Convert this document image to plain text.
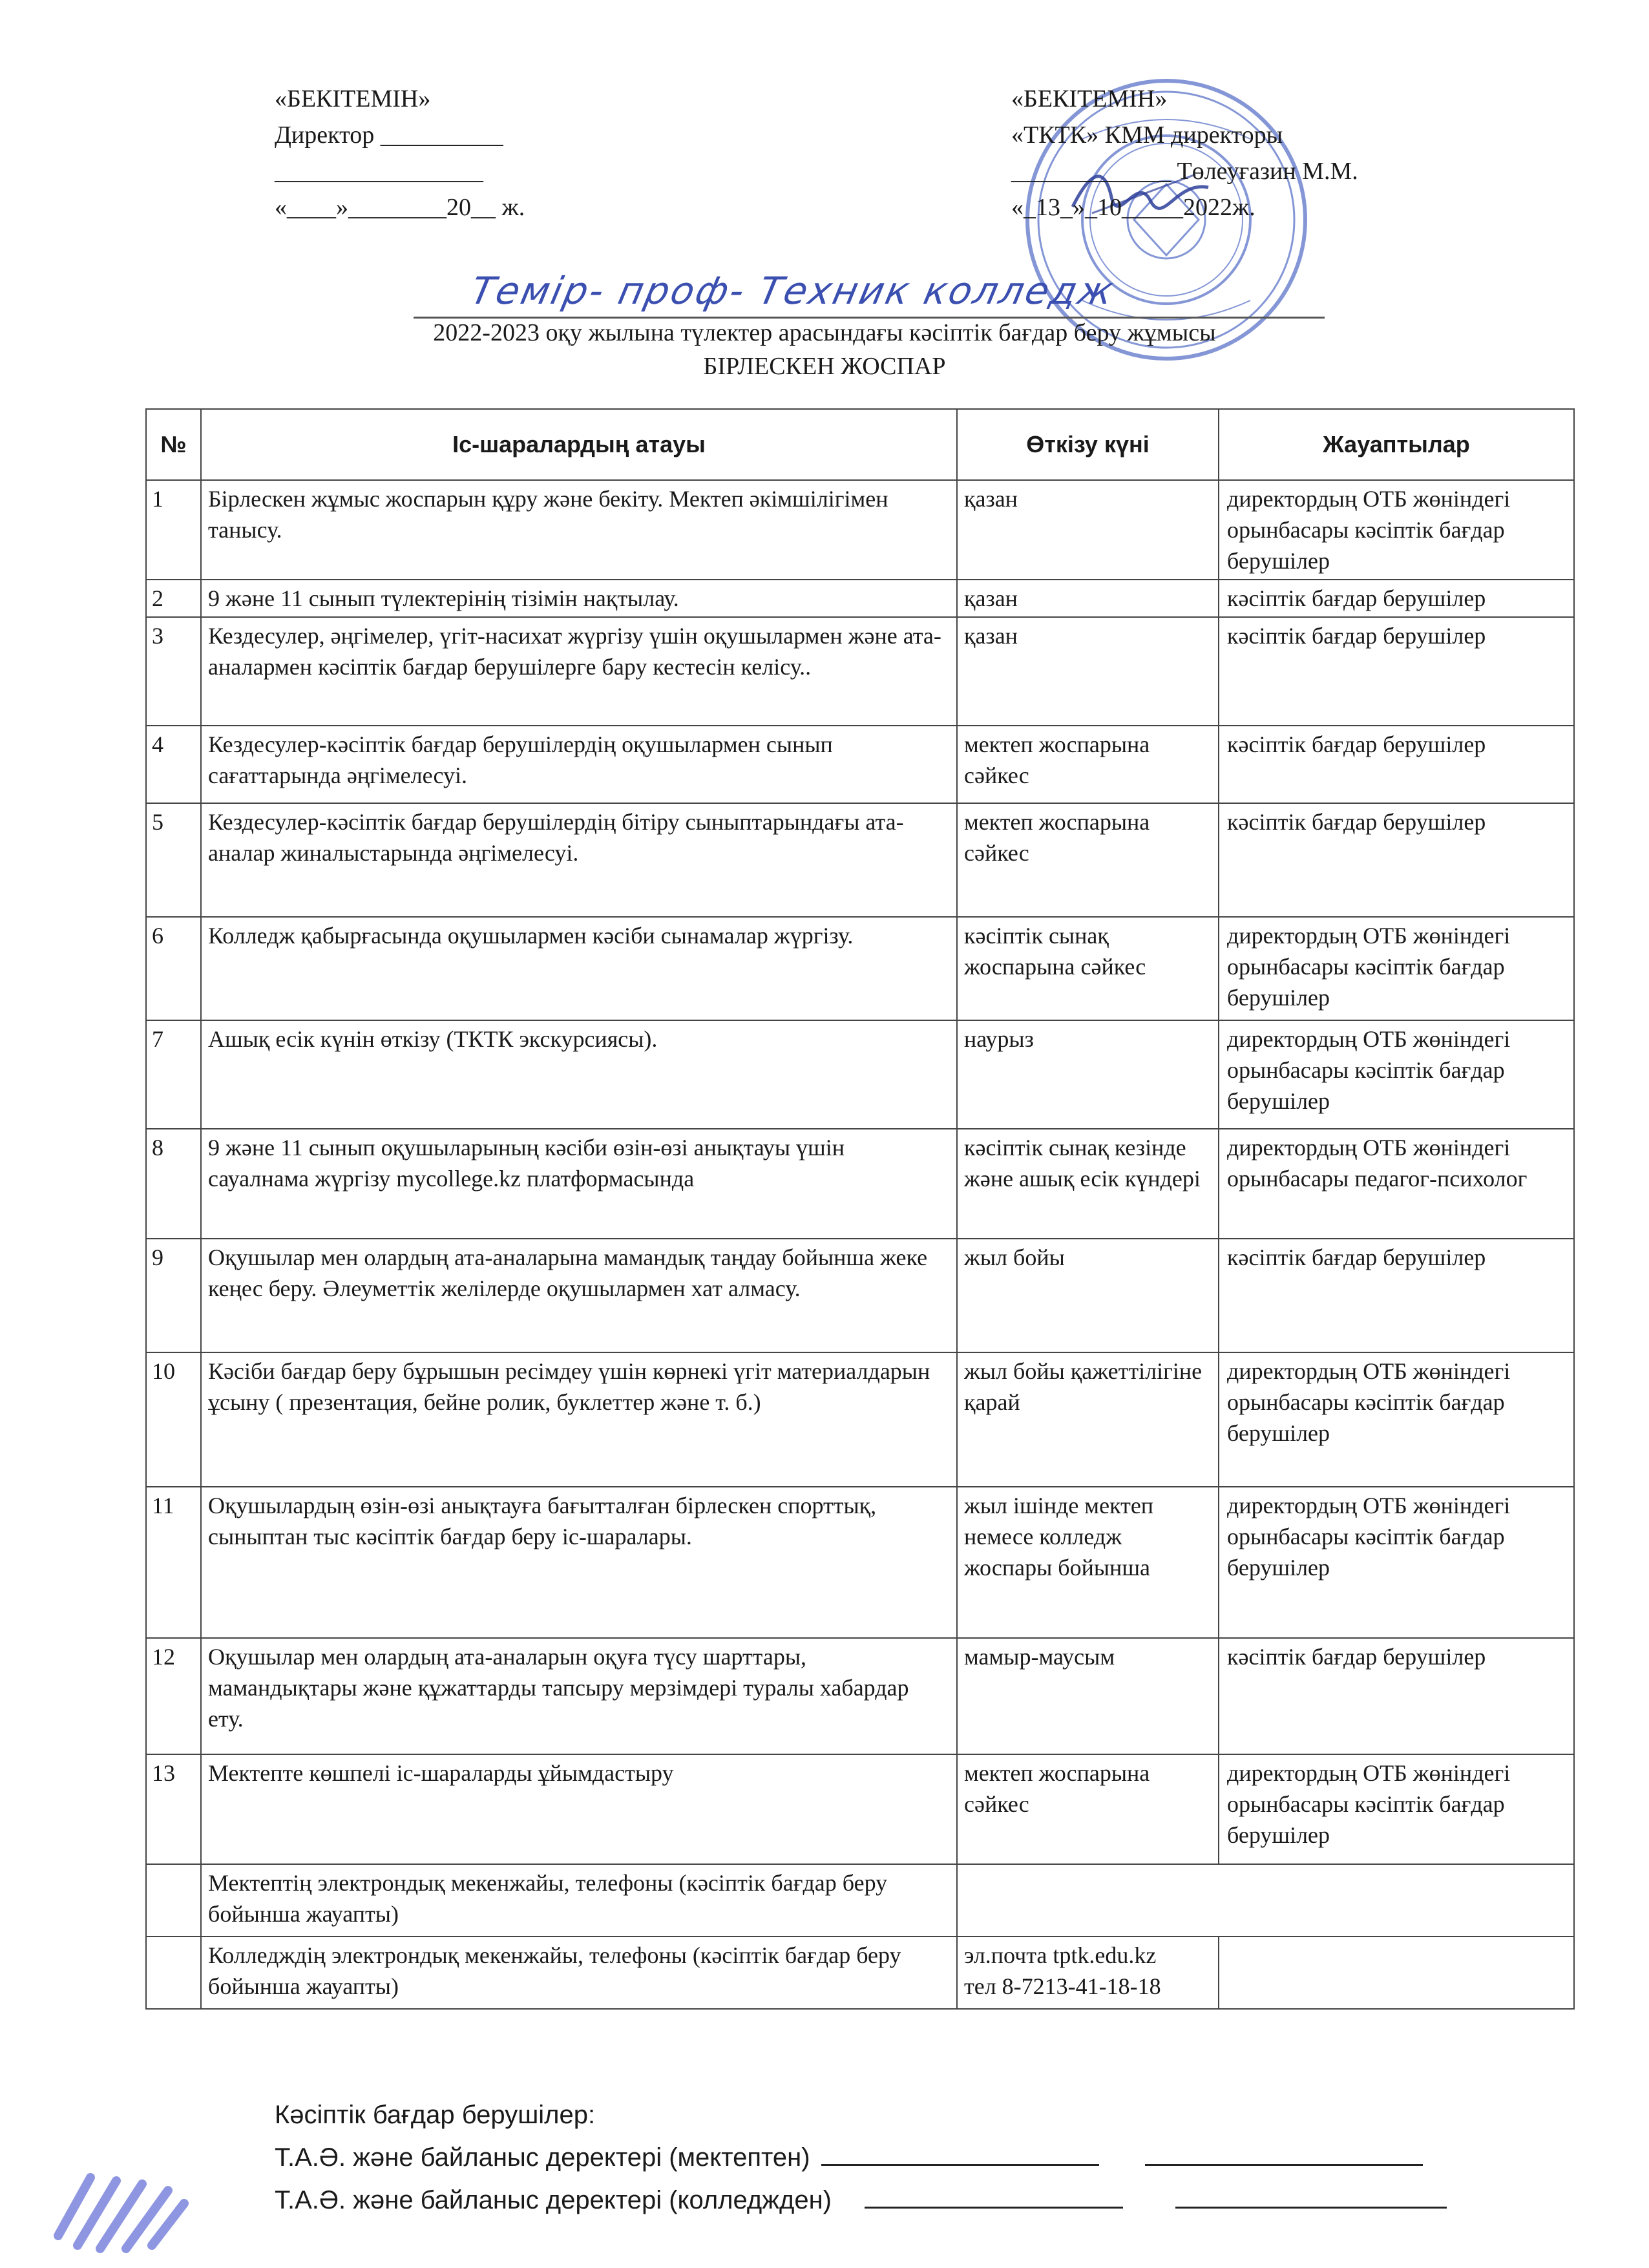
«БЕКІТЕМІН»
Директор __________
_________________
«____»________20__ ж.
«БЕКІТЕМІН»
«ТКТК» КММ директоры
_____________ Төлеуғазин М.М.
«_13_»_10_____2022ж.
Темір- проф- Техник колледж
2022-2023 оқу жылына түлектер арасындағы кәсіптік бағдар беру жұмысы
БІРЛЕСКЕН ЖОСПАР
№	Іс-шаралардың атауы	Өткізу күні	Жауаптылар
1	Бірлескен жұмыс жоспарын құру және бекіту. Мектеп әкімшілігімен танысу.	қазан	директордың ОТБ жөніндегі орынбасары кәсіптік бағдар берушілер
2	9 және 11 сынып түлектерінің тізімін нақтылау.	қазан	кәсіптік бағдар берушілер
3	Кездесулер, әңгімелер, үгіт-насихат жүргізу үшін оқушылармен және ата-аналармен кәсіптік бағдар берушілерге бару кестесін келісу..	қазан	кәсіптік бағдар берушілер
4	Кездесулер-кәсіптік бағдар берушілердің оқушылармен сынып сағаттарында әңгімелесуі.	мектеп жоспарына сәйкес	кәсіптік бағдар берушілер
5	Кездесулер-кәсіптік бағдар берушілердің бітіру сыныптарындағы ата-аналар жиналыстарында әңгімелесуі.	мектеп жоспарына сәйкес	кәсіптік бағдар берушілер
6	Колледж қабырғасында оқушылармен кәсіби сынамалар жүргізу.	кәсіптік сынақ жоспарына сәйкес	директордың ОТБ жөніндегі орынбасары кәсіптік бағдар берушілер
7	Ашық есік күнін өткізу (ТКТК экскурсиясы).	наурыз	директордың ОТБ жөніндегі орынбасары кәсіптік бағдар берушілер
8	9 және 11 сынып оқушыларының кәсіби өзін-өзі анықтауы үшін сауалнама жүргізу mycollege.kz платформасында	кәсіптік сынақ кезінде және ашық есік күндері	директордың ОТБ жөніндегі орынбасары педагог-психолог
9	Оқушылар мен олардың ата-аналарына мамандық таңдау бойынша жеке кеңес беру. Әлеуметтік желілерде оқушылармен хат алмасу.	жыл бойы	кәсіптік бағдар берушілер
10	Кәсіби бағдар беру бұрышын ресімдеу үшін көрнекі үгіт материалдарын ұсыну ( презентация, бейне ролик, буклеттер және т. б.)	жыл бойы қажеттілігіне қарай	директордың ОТБ жөніндегі орынбасары кәсіптік бағдар берушілер
11	Оқушылардың өзін-өзі анықтауға бағытталған бірлескен спорттық, сыныптан тыс кәсіптік бағдар беру іс-шаралары.	жыл ішінде мектеп немесе колледж жоспары бойынша	директордың ОТБ жөніндегі орынбасары кәсіптік бағдар берушілер
12	Оқушылар мен олардың ата-аналарын оқуға түсу шарттары, мамандықтары және құжаттарды тапсыру мерзімдері туралы хабардар ету.	мамыр-маусым	кәсіптік бағдар берушілер
13	Мектепте көшпелі іс-шараларды ұйымдастыру	мектеп жоспарына сәйкес	директордың ОТБ жөніндегі орынбасары кәсіптік бағдар берушілер
	Мектептің электрондық мекенжайы, телефоны (кәсіптік бағдар беру бойынша жауапты)		
	Колледждің электрондық мекенжайы, телефоны (кәсіптік бағдар беру бойынша жауапты)	эл.почта tptk.edu.kz
тел 8-7213-41-18-18	

Кәсіптік бағдар берушілер:
Т.А.Ә. және байланыс деректері (мектептен)
Т.А.Ә. және байланыс деректері (колледжден)
